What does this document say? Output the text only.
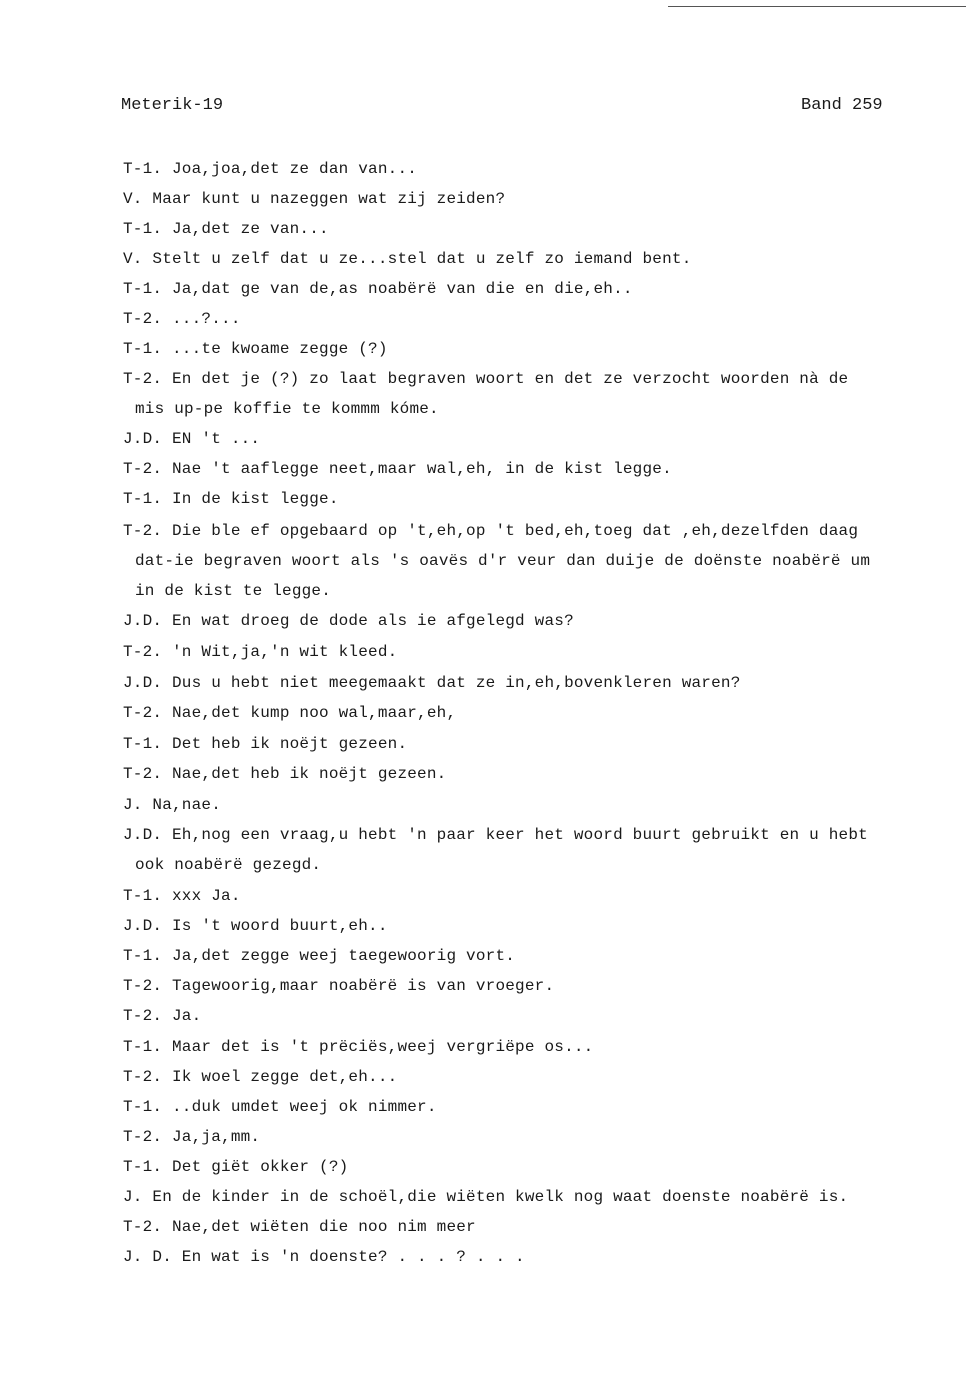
Meterik-19	Band 259
T-1. Joa,joa,det ze dan van...
V. Maar kunt u nazeggen wat zij zeiden?
T-1. Ja,det ze van...
V. Stelt u zelf dat u ze...stel dat u zelf zo iemand bent.
T-1. Ja,dat ge van de,as noabërë van die en die,eh..
T-2. ...?...
T-1. ...te kwoame zegge (?)
T-2. En det je (?) zo laat begraven woort en det ze verzocht woorden nà de
mis up-pe koffie te kommm kóme.
J.D. EN 't ...
T-2. Nae 't aaflegge neet,maar wal,eh, in de kist legge.
T-1. In de kist legge.
T-2. Die ble ef opgebaard op 't,eh,op 't bed,eh,toeg dat ,eh,dezelfden daag
dat-ie begraven woort als 's oavës d'r veur dan duije de doënste noabërë um
in de kist te legge.
J.D. En wat droeg de dode als ie afgelegd was?
T-2. 'n Wit,ja,'n wit kleed.
J.D. Dus u hebt niet meegemaakt dat ze in,eh,bovenkleren waren?
T-2. Nae,det kump noo wal,maar,eh,
T-1. Det heb ik noëjt gezeen.
T-2. Nae,det heb ik noëjt gezeen.
J. Na,nae.
J.D. Eh,nog een vraag,u hebt 'n paar keer het woord buurt gebruikt en u hebt
ook noabërë gezegd.
T-1. xxx Ja.
J.D. Is 't woord buurt,eh..
T-1. Ja,det zegge weej taegewoorig vort.
T-2. Tagewoorig,maar noabërë is van vroeger.
T-2. Ja.
T-1. Maar det is 't prëciës,weej vergriëpe os...
T-2. Ik woel zegge det,eh...
T-1. ..duk umdet weej ok nimmer.
T-2. Ja,ja,mm.
T-1. Det giët okker (?)
J. En de kinder in de schoël,die wiëten kwelk nog waat doenste noabërë is.
T-2. Nae,det wiëten die noo nim meer
J. D. En wat is 'n doenste? . . . ? . . .
